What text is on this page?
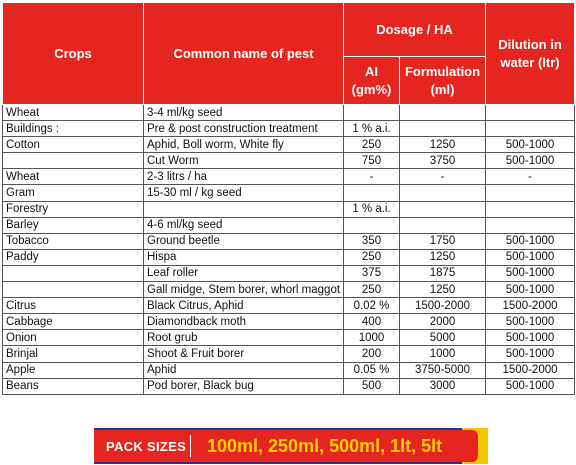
Crops	Common name of pest	Dosage / HA		Dilution in water (ltr)
		AI (gm%)	Formulation (ml)	
Wheat	3-4 ml/kg seed			
Buildings :	Pre & post construction treatment	1 % a.i.		
Cotton	Aphid, Boll worm, White fly	250	1250	500-1000
	Cut Worm	750	3750	500-1000
Wheat	2-3 litrs / ha	-	-	-
Gram	15-30 ml / kg seed			
Forestry		1 % a.i.		
Barley	4-6 ml/kg seed			
Tobacco	Ground beetle	350	1750	500-1000
Paddy	Hispa	250	1250	500-1000
	Leaf roller	375	1875	500-1000
	Gall midge, Stem borer, whorl maggot	250	1250	500-1000
Citrus	Black Citrus, Aphid	0.02 %	1500-2000	1500-2000
Cabbage	Diamondback moth	400	2000	500-1000
Onion	Root grub	1000	5000	500-1000
Brinjal	Shoot & Fruit borer	200	1000	500-1000
Apple	Aphid	0.05 %	3750-5000	1500-2000
Beans	Pod borer, Black bug	500	3000	500-1000
PACK SIZES 100ml, 250ml, 500ml, 1lt, 5lt
